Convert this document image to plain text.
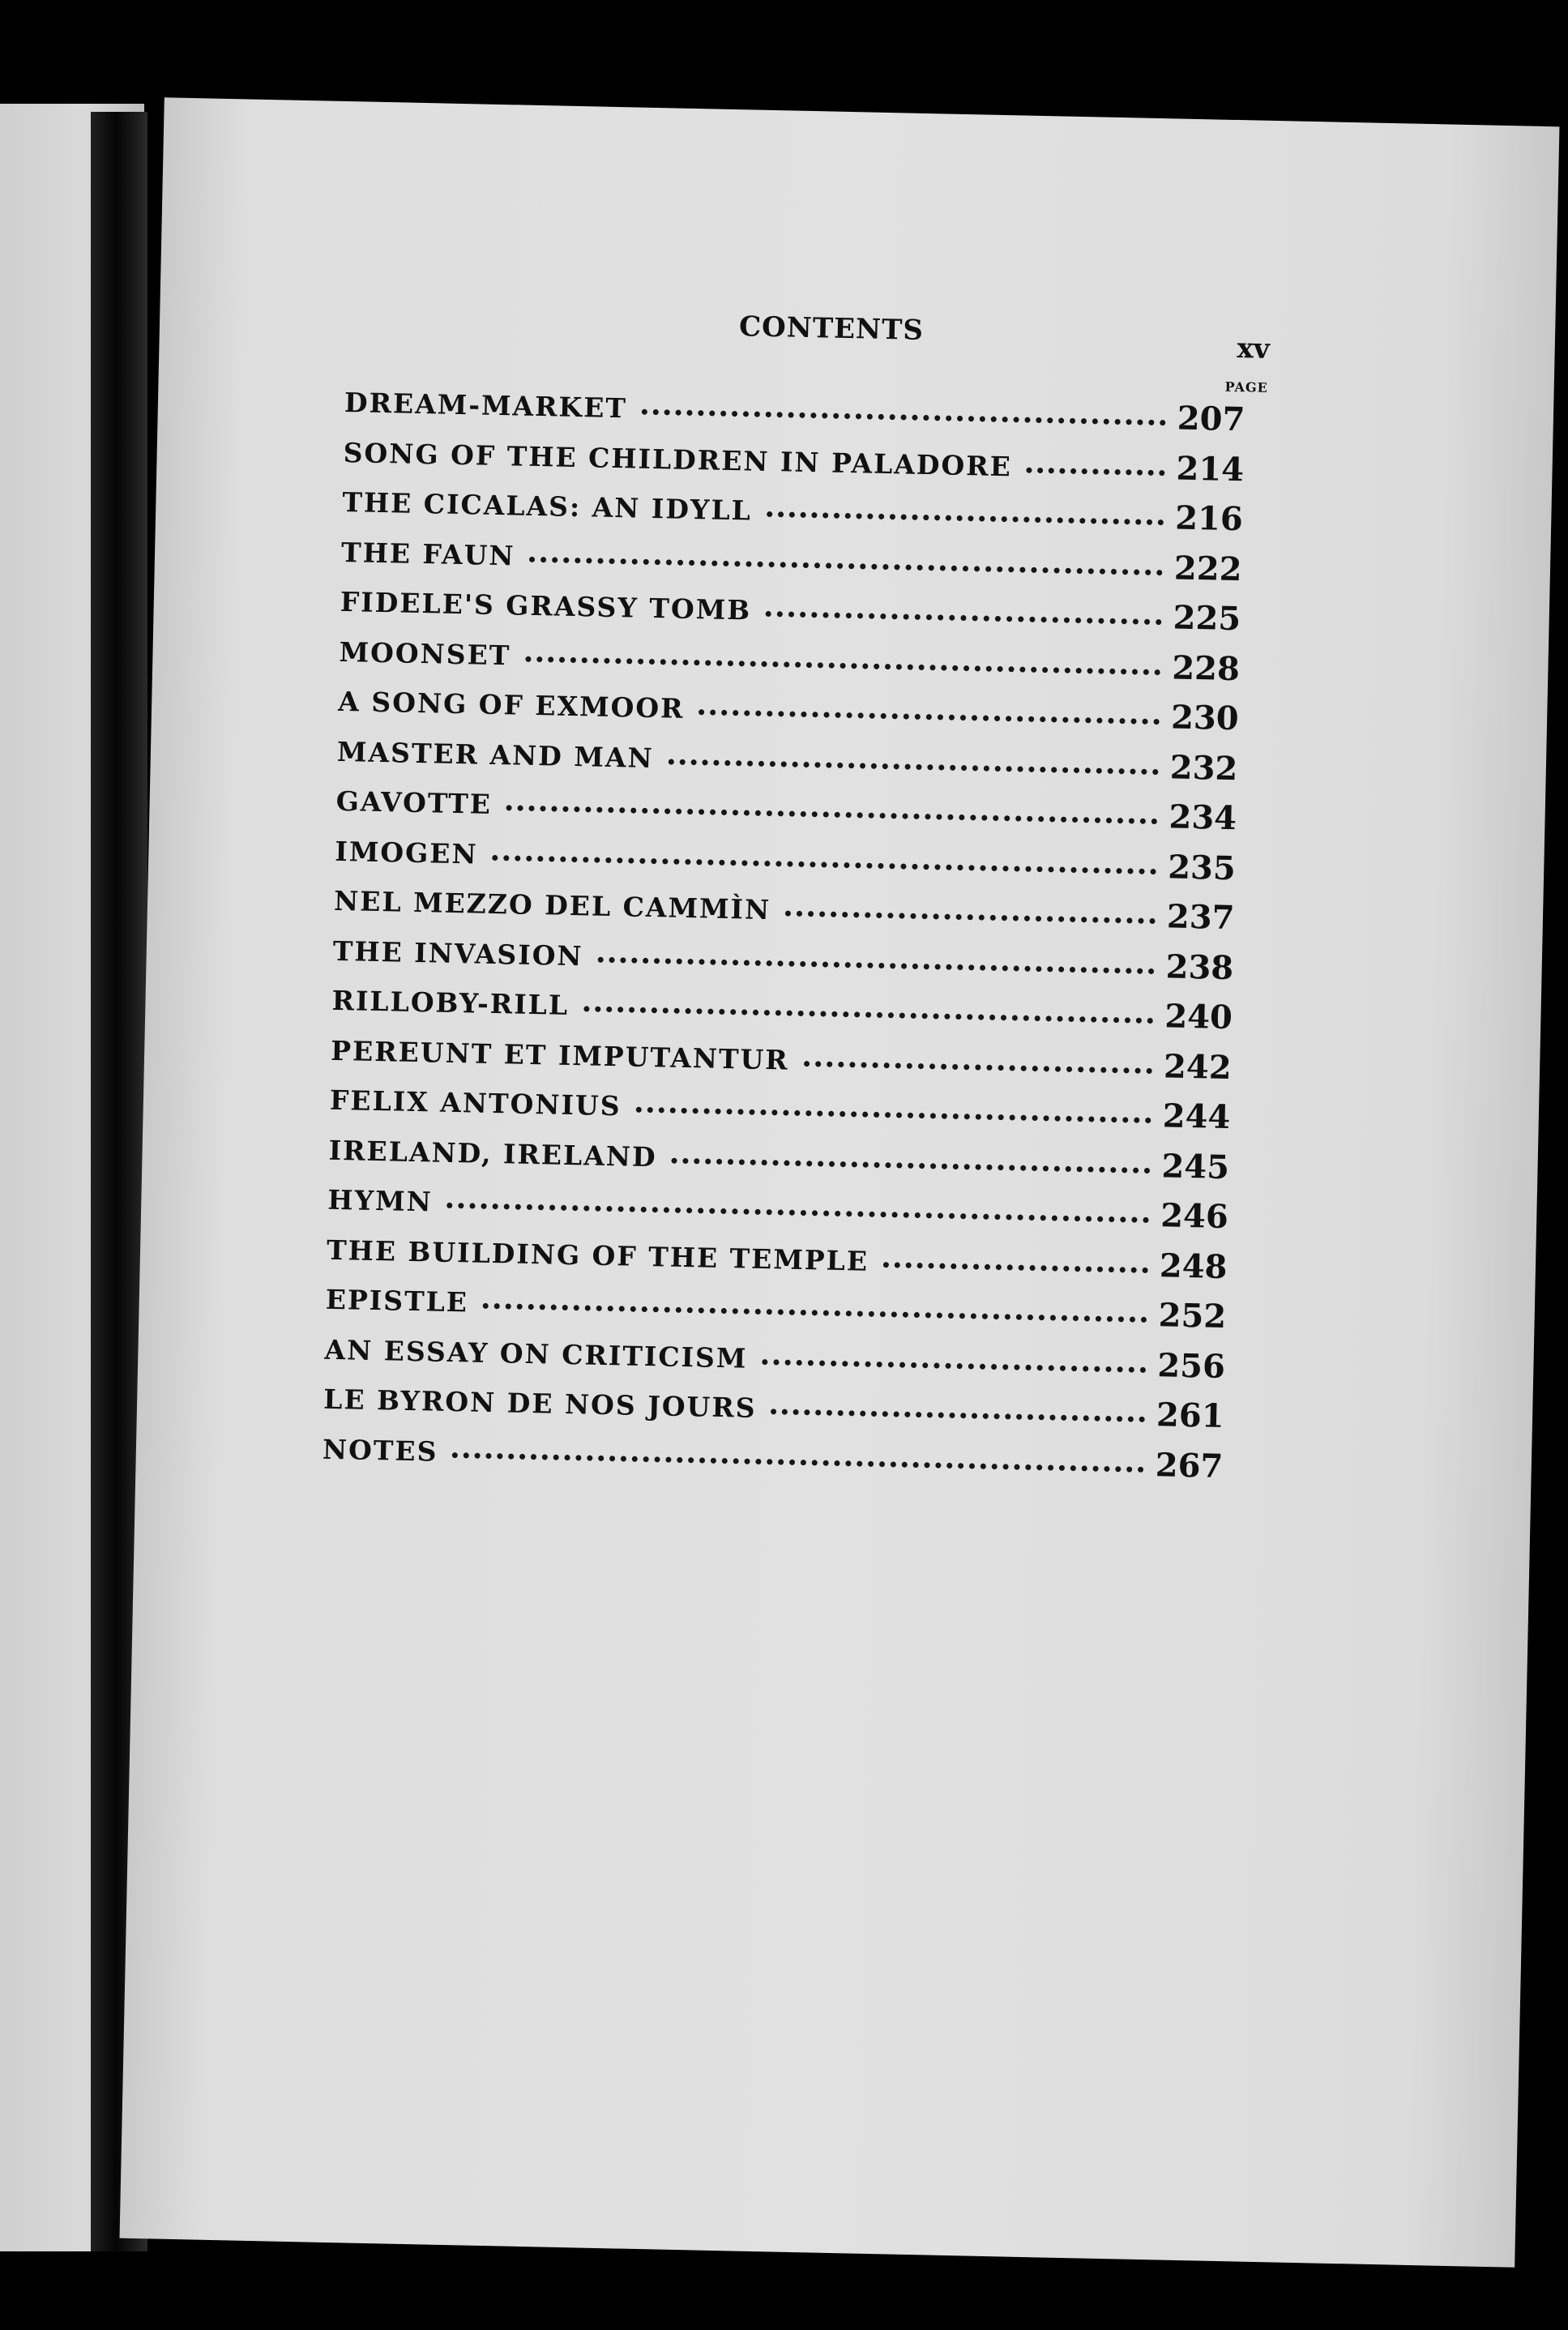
CONTENTS
xv
PAGE
DREAM-MARKET	207
SONG OF THE CHILDREN IN PALADORE	214
THE CICALAS: AN IDYLL	216
THE FAUN	222
FIDELE'S GRASSY TOMB	225
MOONSET	228
A SONG OF EXMOOR	230
MASTER AND MAN	232
GAVOTTE	234
IMOGEN	235
NEL MEZZO DEL CAMMÌN	237
THE INVASION	238
RILLOBY-RILL	240
PEREUNT ET IMPUTANTUR	242
FELIX ANTONIUS	244
IRELAND, IRELAND	245
HYMN	246
THE BUILDING OF THE TEMPLE	248
EPISTLE	252
AN ESSAY ON CRITICISM	256
LE BYRON DE NOS JOURS	261
NOTES	267
